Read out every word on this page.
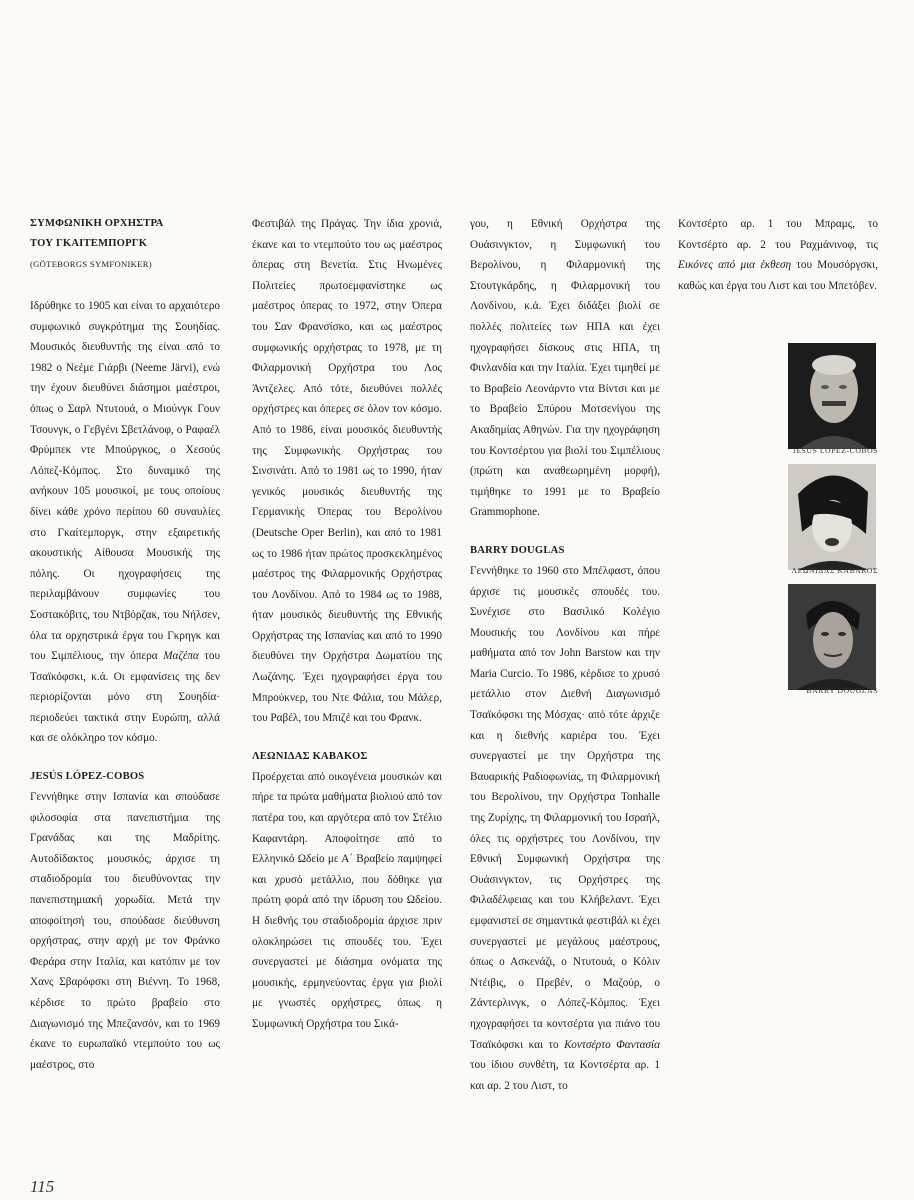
ΣΥΜΦΩΝΙΚΗ ΟΡΧΗΣΤΡΑ

ΤΟΥ ΓΚΑΙΤΕΜΠΟΡΓΚ

(GÖTEBORGS SYMFONIKER)

Ιδρύθηκε το 1905 και είναι το αρχαιότερο συμφωνικό συγκρότημα της Σουηδίας. Μουσικός διευθυντής της είναι από το 1982 ο Νεέμε Γιάρβι (Neeme Järvi), ενώ την έχουν διευθύνει διάσημοι μαέστροι, όπως ο Σαρλ Ντυτουά, ο Μιούνγκ Γουν Τσουνγκ, ο Γεβγένι Σβετλάνοφ, ο Ραφαέλ Φρύμπεκ ντε Μπούργκος, ο Χεσούς Λόπεζ-Κόμπος. Στο δυναμικό της ανήκουν 105 μουσικοί, με τους οποίους δίνει κάθε χρόνο περίπου 60 συναυλίες στο Γκαίτεμποργκ, στην εξαιρετικής ακουστικής Αίθουσα Μουσικής της πόλης. Οι ηχογραφήσεις της περιλαμβάνουν συμφωνίες του Σοστακόβιτς, του Ντβόρζακ, του Νήλσεν, όλα τα ορχηστρικά έργα του Γκρηγκ και του Σιμπέλιους, την όπερα Μαζέπα του Τσαϊκόφσκι, κ.ά. Οι εμφανίσεις της δεν περιορίζονται μόνο στη Σουηδία· περιοδεύει τακτικά στην Ευρώπη, αλλά και σε ολόκληρο τον κόσμο.

JESÚS LÓPEZ-COBOS

Γεννήθηκε στην Ισπανία και σπούδασε φιλοσοφία στα πανεπιστήμια της Γρανάδας και της Μαδρίτης. Αυτοδίδακτος μουσικός, άρχισε τη σταδιοδρομία του διευθύνοντας την πανεπιστημιακή χορωδία. Μετά την αποφοίτησή του, σπούδασε διεύθυνση ορχήστρας, στην αρχή με τον Φράνκο Φεράρα στην Ιταλία, και κατόπιν με τον Χανς Σβαρόφσκι στη Βιέννη. Το 1968, κέρδισε το πρώτο βραβείο στο Διαγωνισμό της Μπεζανσόν, και το 1969 έκανε το ευρωπαϊκό ντεμπούτο του ως μαέστρος, στο

Φεστιβάλ της Πράγας. Την ίδια χρονιά, έκανε και το ντεμπούτο του ως μαέστρος όπερας στη Βενετία. Στις Ηνωμένες Πολιτείες πρωτοεμφανίστηκε ως μαέστρος όπερας το 1972, στην Όπερα του Σαν Φρανσίσκο, και ως μαέστρος συμφωνικής ορχήστρας το 1978, με τη Φιλαρμονική Ορχήστρα του Λος Άντζελες. Από τότε, διευθύνει πολλές ορχήστρες και όπερες σε όλον τον κόσμο. Από το 1986, είναι μουσικός διευθυντής της Συμφωνικής Ορχήστρας του Σινσινάτι. Από το 1981 ως το 1990, ήταν γενικός μουσικός διευθυντής της Γερμανικής Όπερας του Βερολίνου (Deutsche Oper Berlin), και από το 1981 ως το 1986 ήταν πρώτος προσκεκλημένος μαέστρος της Φιλαρμονικής Ορχήστρας του Λονδίνου. Από το 1984 ως το 1988, ήταν μουσικός διευθυντής της Εθνικής Ορχήστρας της Ισπανίας και από το 1990 διευθύνει την Ορχήστρα Δωματίου της Λωζάνης. Έχει ηχογραφήσει έργα του Μπρούκνερ, του Ντε Φάλια, του Μάλερ, του Ραβέλ, του Μπιζέ και του Φρανκ.

ΛΕΩΝΙΔΑΣ ΚΑΒΑΚΟΣ

Προέρχεται από οικογένεια μουσικών και πήρε τα πρώτα μαθήματα βιολιού από τον πατέρα του, και αργότερα από τον Στέλιο Καφαντάρη. Αποφοίτησε από το Ελληνικό Ωδείο με Α΄ Βραβείο παμψηφεί και χρυσό μετάλλιο, που δόθηκε για πρώτη φορά από την ίδρυση του Ωδείου. Η διεθνής του σταδιοδρομία άρχισε πριν ολοκληρώσει τις σπουδές του. Έχει συνεργαστεί με διάσημα ονόματα της μουσικής, ερμηνεύοντας έργα για βιολί με γνωστές ορχήστρες, όπως η Συμφωνική Ορχήστρα του Σικά-

γου, η Εθνική Ορχήστρα της Ουάσινγκτον, η Συμφωνική του Βερολίνου, η Φιλαρμονική της Στουτγκάρδης, η Φιλαρμονική του Λονδίνου, κ.ά. Έχει διδάξει βιολί σε πολλές πολιτείες των ΗΠΑ και έχει ηχογραφήσει δίσκους στις ΗΠΑ, τη Φινλανδία και την Ιταλία. Έχει τιμηθεί με το Βραβείο Λεονάρντο ντα Βίντσι και με το Βραβείο Σπύρου Μοτσενίγου της Ακαδημίας Αθηνών. Για την ηχογράφηση του Κοντσέρτου για βιολί του Σιμπέλιους (πρώτη και αναθεωρημένη μορφή), τιμήθηκε το 1991 με το Βραβείο Grammophone.

BARRY DOUGLAS

Γεννήθηκε το 1960 στο Μπέλφαστ, όπου άρχισε τις μουσικές σπουδές του. Συνέχισε στο Βασιλικό Κολέγιο Μουσικής του Λονδίνου και πήρε μαθήματα από τον John Barstow και την Maria Curcio. Το 1986, κέρδισε το χρυσό μετάλλιο στον Διεθνή Διαγωνισμό Τσαϊκόφσκι της Μόσχας· από τότε άρχιζε και η διεθνής καριέρα του. Έχει συνεργαστεί με την Ορχήστρα της Βαυαρικής Ραδιοφωνίας, τη Φιλαρμονική του Βερολίνου, την Ορχήστρα Tonhalle της Ζυρίχης, τη Φιλαρμονική του Ισραήλ, όλες τις ορχήστρες του Λονδίνου, την Εθνική Συμφωνική Ορχήστρα της Ουάσινγκτον, τις Ορχήστρες της Φιλαδέλφειας και του Κλήβελαντ. Έχει εμφανιστεί σε σημαντικά φεστιβάλ κι έχει συνεργαστεί με μεγάλους μαέστρους, όπως ο Ασκενάζι, ο Ντυτουά, ο Κόλιν Ντέιβις, ο Πρεβέν, ο Μαζούρ, ο Ζάντερλινγκ, ο Λόπεζ-Κόμπος. Έχει ηχογραφήσει τα κοντσέρτα για πιάνο του Τσαϊκόφσκι και το Κοντσέρτο Φαντασία του ίδιου συνθέτη, τα Κοντσέρτα αρ. 1 και αρ. 2 του Λιστ, το

Κοντσέρτο αρ. 1 του Μπραμς, το Κοντσέρτο αρ. 2 του Ραχμάνινοφ, τις Εικόνες από μια έκθεση του Μουσόργσκι, καθώς και έργα του Λιστ και του Μπετόβεν.

JESÚS LÓPEZ-COBOS
ΛΕΩΝΙΔΑΣ ΚΑΒΑΚΟΣ
BARRY DOUGLAS
115
